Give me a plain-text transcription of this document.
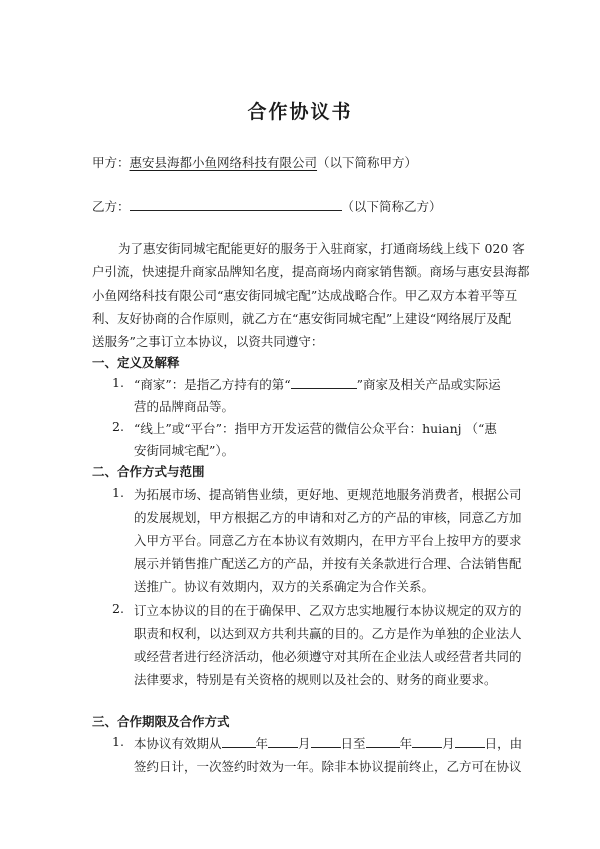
合作协议书
甲方：惠安县海都小鱼网络科技有限公司（以下简称甲方）
乙方：	（以下简称乙方）
为了惠安街同城宅配能更好的服务于入驻商家，打通商场线上线下 020 客
户引流，快速提升商家品牌知名度，提高商场内商家销售额。商场与惠安县海都
小鱼网络科技有限公司“惠安街同城宅配”达成战略合作。甲乙双方本着平等互
利、友好协商的合作原则，就乙方在“惠安街同城宅配”上建设“网络展厅及配
送服务”之事订立本协议，以资共同遵守：
一、定义及解释
1. “商家”：是指乙方持有的第“	”商家及相关产品或实际运
营的品牌商品等。
2. “线上”或“平台”：指甲方开发运营的微信公众平台：huianj （“惠
安街同城宅配”）。
二、合作方式与范围
1. 为拓展市场、提高销售业绩，更好地、更规范地服务消费者，根据公司
的发展规划，甲方根据乙方的申请和对乙方的产品的审核，同意乙方加
入甲方平台。同意乙方在本协议有效期内，在甲方平台上按甲方的要求
展示并销售推广配送乙方的产品，并按有关条款进行合理、合法销售配
送推广。协议有效期内，双方的关系确定为合作关系。
2. 订立本协议的目的在于确保甲、乙双方忠实地履行本协议规定的双方的
职责和权利，以达到双方共利共赢的目的。乙方是作为单独的企业法人
或经营者进行经济活动，他必须遵守对其所在企业法人或经营者共同的
法律要求，特别是有关资格的规则以及社会的、财务的商业要求。
三、合作期限及合作方式
1. 本协议有效期从	年 月 日至	年 月 日，由
签约日计，一次签约时效为一年。除非本协议提前终止，乙方可在协议
